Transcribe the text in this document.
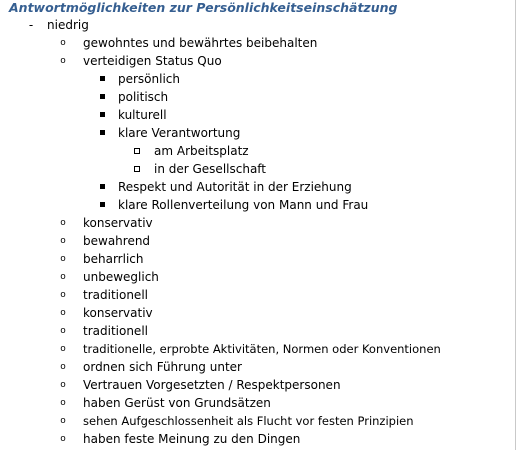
Antwortmöglichkeiten zur Persönlichkeitseinschätzung
- niedrig
o gewohntes und bewährtes beibehalten
o verteidigen Status Quo
persönlich
politisch
kulturell
klare Verantwortung
am Arbeitsplatz
in der Gesellschaft
Respekt und Autorität in der Erziehung
klare Rollenverteilung von Mann und Frau
o konservativ
o bewahrend
o beharrlich
o unbeweglich
o traditionell
o konservativ
o traditionell
o traditionelle, erprobte Aktivitäten, Normen oder Konventionen
o ordnen sich Führung unter
o Vertrauen Vorgesetzten / Respektpersonen
o haben Gerüst von Grundsätzen
o sehen Aufgeschlossenheit als Flucht vor festen Prinzipien
o haben feste Meinung zu den Dingen
